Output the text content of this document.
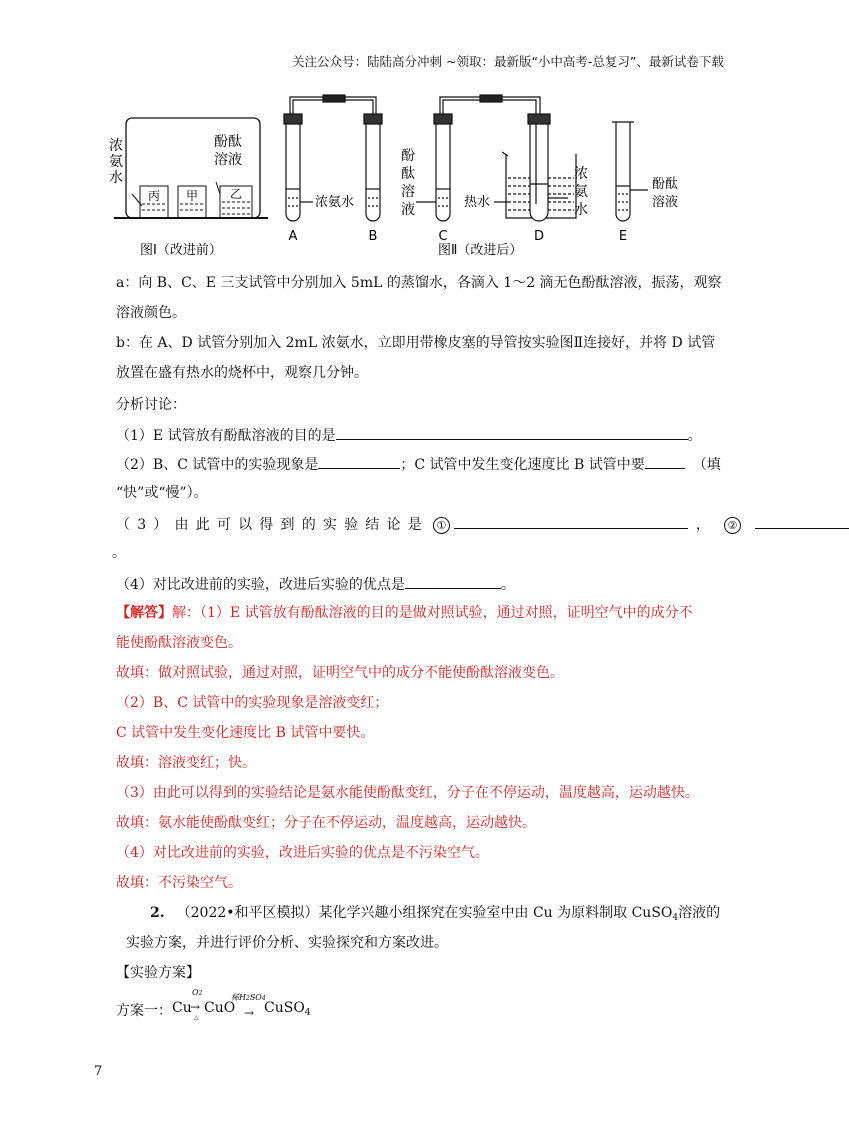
关注公众号：陆陆高分冲刺 ~领取：最新版“小中高考-总复习”、最新试卷下载
丙 甲	乙
浓
氨
水
酚酞
溶液
浓氨水
酚
酞
溶
液	热水
浓
氨
水
酚酞
溶液
A	B	C	D	E
图Ⅰ（改进前）	图Ⅱ（改进后）
a：向 B、C、E 三支试管中分别加入 5mL 的蒸馏水，各滴入 1～2 滴无色酚酞溶液，振荡，观察
溶液颜色。
b：在 A、D 试管分别加入 2mL 浓氨水，立即用带橡皮塞的导管按实验图Ⅱ连接好，并将 D 试管
放置在盛有热水的烧杯中，观察几分钟。
分析讨论：
（1）E 试管放有酚酞溶液的目的是	。
（2）B、C 试管中的实验现象是	；C 试管中发生变化速度比 B 试管中要	（填
“快”或“慢”）。
（3）由此可以得到的实验结论是 ①	， ②
。
（4）对比改进前的实验，改进后实验的优点是	。
【解答】解：（1）E 试管放有酚酞溶液的目的是做对照试验，通过对照，证明空气中的成分不
能使酚酞溶液变色。
故填：做对照试验，通过对照，证明空气中的成分不能使酚酞溶液变色。
（2）B、C 试管中的实验现象是溶液变红；
C 试管中发生变化速度比 B 试管中要快。
故填：溶液变红；快。
（3）由此可以得到的实验结论是氨水能使酚酞变红，分子在不停运动，温度越高，运动越快。
故填：氨水能使酚酞变红；分子在不停运动，温度越高，运动越快。
（4）对比改进前的实验，改进后实验的优点是不污染空气。
故填：不污染空气。
2. （2022•和平区模拟）某化学兴趣小组探究在实验室中由 Cu 为原料制取 CuSO$_4$溶液的
实验方案，并进行评价分析、实验探究和方案改进。
【实验方案】
方案一： Cu
O2
→
△
CuO
稀H2SO4
→ CuSO$_4$
7
